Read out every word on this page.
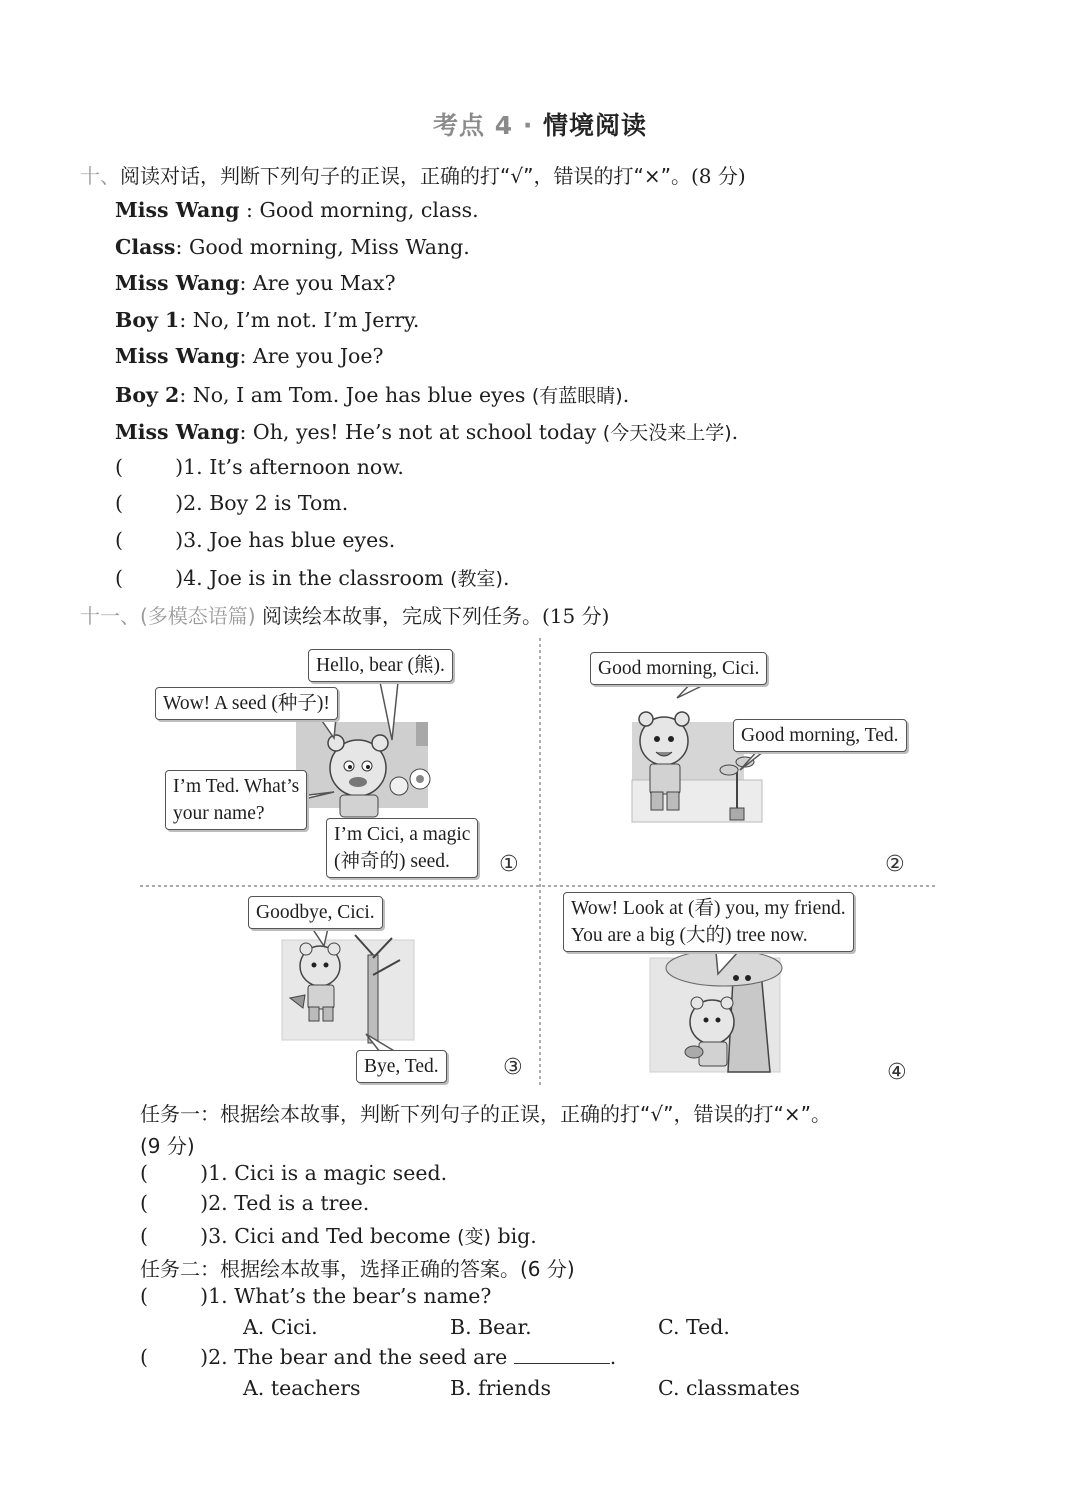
考点 4 · 情境阅读
十、阅读对话，判断下列句子的正误，正确的打“√”，错误的打“×”。(8 分)
Miss Wang : Good morning, class.
Class: Good morning, Miss Wang.
Miss Wang: Are you Max?
Boy 1: No, I’m not. I’m Jerry.
Miss Wang: Are you Joe?
Boy 2: No, I am Tom. Joe has blue eyes (有蓝眼睛).
Miss Wang: Oh, yes! He’s not at school today (今天没来上学).
(        )1. It’s afternoon now.
(        )2. Boy 2 is Tom.
(        )3. Joe has blue eyes.
(        )4. Joe is in the classroom (教室).
十一、(多模态语篇) 阅读绘本故事，完成下列任务。(15 分)
Hello, bear (熊).
Wow! A seed (种子)!
I’m Ted. What’s
your name?
I’m Cici, a magic
(神奇的) seed.	①
Good morning, Cici.
Good morning, Ted.
②
Goodbye, Cici.
Bye, Ted.	③
Wow! Look at (看) you, my friend.
You are a big (大的) tree now.
④
任务一：根据绘本故事，判断下列句子的正误，正确的打“√”，错误的打“×”。
(9 分)
(        )1. Cici is a magic seed.
(        )2. Ted is a tree.
(        )3. Cici and Ted become (变) big.
任务二：根据绘本故事，选择正确的答案。(6 分)
(        )1. What’s the bear’s name?
A. Cici.	B. Bear.	C. Ted.
(        )2. The bear and the seed are	.
A. teachers	B. friends	C. classmates
